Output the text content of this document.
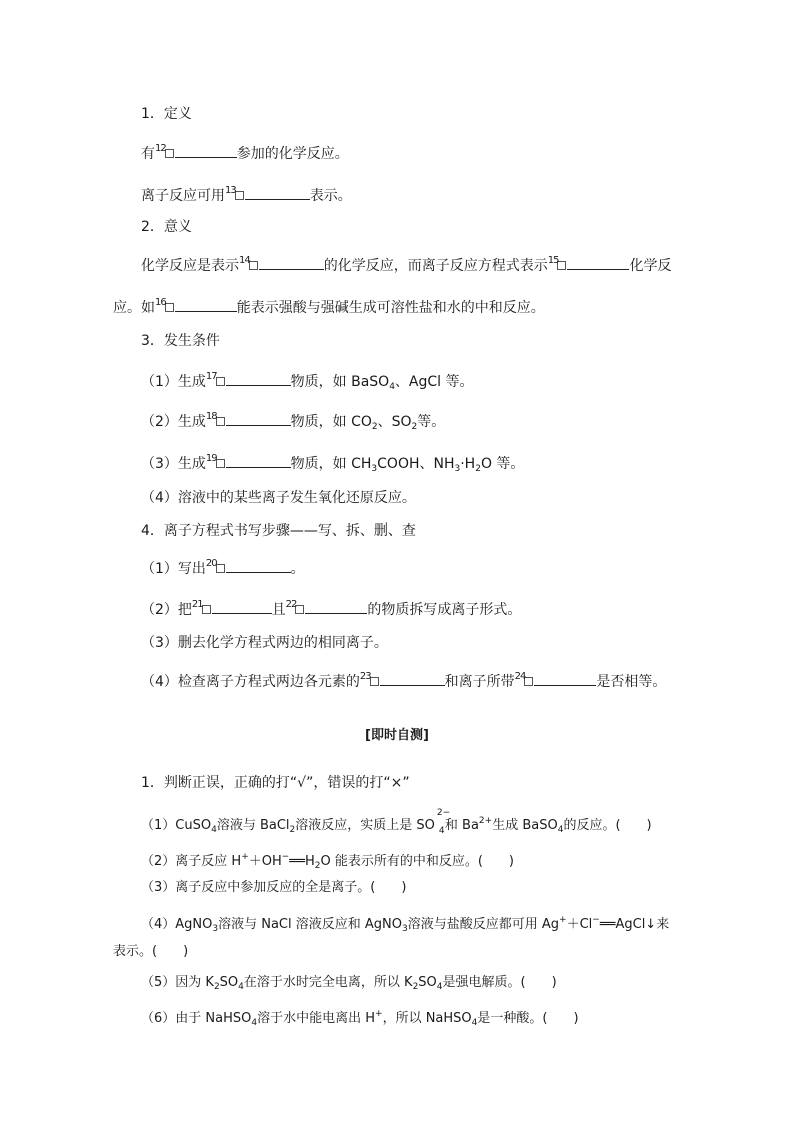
1．定义
有$^{12}$	参加的化学反应。
离子反应可用$^{13}$	表示。
2．意义
化学反应是表示$^{14}$	的化学反应，而离子反应方程式表示$^{15}$	化学反
应。如$^{16}$	能表示强酸与强碱生成可溶性盐和水的中和反应。
3．发生条件
（1）生成$^{17}$	物质，如 BaSO$_4$、AgCl 等。
（2）生成$^{18}$	物质，如 $CO_2$、$SO_2$等。
（3）生成$^{19}$	物质，如 $CH_3COOH$、$NH_3\cdot H_2O$ 等。
（4）溶液中的某些离子发生氧化还原反应。
4．离子方程式书写步骤——写、拆、删、查
（1）写出$^{20}$	。
（2）把$^{21}$	且$^{22}$	的物质拆写成离子形式。
（3）删去化学方程式两边的相同离子。
（4）检查离子方程式两边各元素的$^{23}$	和离子所带$^{24}$	是否相等。
[即时自测]
1．判断正误，正确的打“√”，错误的打“×”
（1）CuSO$_4$溶液与 BaCl$_2$溶液反应，实质上是 SO
2−
4 和 $Ba^{2+}$生成 BaSO$_4$的反应。(　　)
（2）离子反应 $H^++OH^-══H_2O$ 能表示所有的中和反应。(　　)
（3）离子反应中参加反应的全是离子。(　　)
（4）AgNO$_3$溶液与 NaCl 溶液反应和 AgNO$_3$溶液与盐酸反应都可用 Ag+＋Cl−══AgCl↓来
表示。(　　)
（5）因为 $K_2SO_4$在溶于水时完全电离，所以 $K_2SO_4$是强电解质。(　　)
（6）由于 NaHSO$_4$溶于水中能电离出 H+，所以 NaHSO$_4$是一种酸。(　　)
